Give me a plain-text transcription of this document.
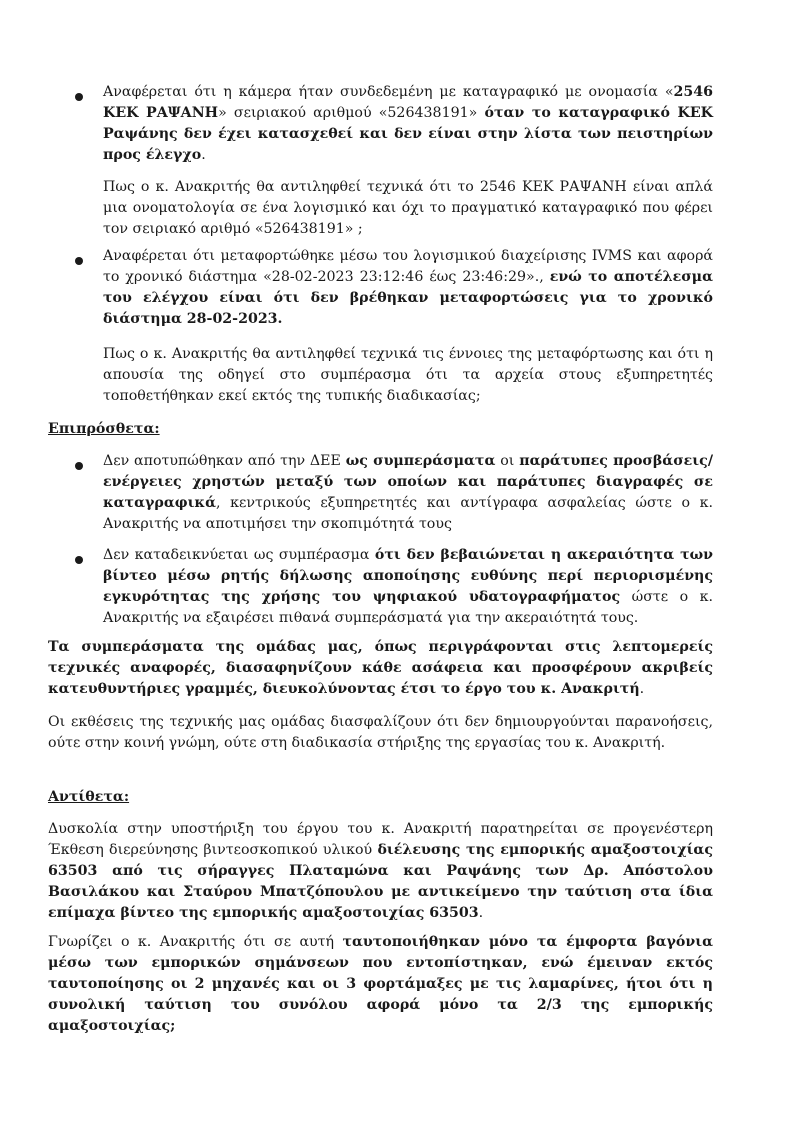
Αναφέρεται ότι η κάμερα ήταν συνδεδεμένη με καταγραφικό με ονομασία «2546 ΚΕΚ ΡΑΨΑΝΗ» σειριακού αριθμού «526438191» όταν το καταγραφικό ΚΕΚ Ραψάνης δεν έχει κατασχεθεί και δεν είναι στην λίστα των πειστηρίων προς έλεγχο.

Πως ο κ. Ανακριτής θα αντιληφθεί τεχνικά ότι το 2546 ΚΕΚ ΡΑΨΑΝΗ είναι απλά μια ονοματολογία σε ένα λογισμικό και όχι το πραγματικό καταγραφικό που φέρει τον σειριακό αριθμό «526438191» ;

Αναφέρεται ότι μεταφορτώθηκε μέσω του λογισμικού διαχείρισης IVMS και αφορά το χρονικό διάστημα «28-02-2023 23:12:46 έως 23:46:29»., ενώ το αποτέλεσμα του ελέγχου είναι ότι δεν βρέθηκαν μεταφορτώσεις για το χρονικό διάστημα 28-02-2023.

Πως ο κ. Ανακριτής θα αντιληφθεί τεχνικά τις έννοιες της μεταφόρτωσης και ότι η απουσία της οδηγεί στο συμπέρασμα ότι τα αρχεία στους εξυπηρετητές τοποθετήθηκαν εκεί εκτός της τυπικής διαδικασίας;

Επιπρόσθετα:

Δεν αποτυπώθηκαν από την ΔΕΕ ως συμπεράσματα οι παράτυπες προσβάσεις/ενέργειες χρηστών μεταξύ των οποίων και παράτυπες διαγραφές σε καταγραφικά, κεντρικούς εξυπηρετητές και αντίγραφα ασφαλείας ώστε ο κ. Ανακριτής να αποτιμήσει την σκοπιμότητά τους

Δεν καταδεικνύεται ως συμπέρασμα ότι δεν βεβαιώνεται η ακεραιότητα των βίντεο μέσω ρητής δήλωσης αποποίησης ευθύνης περί περιορισμένης εγκυρότητας της χρήσης του ψηφιακού υδατογραφήματος ώστε ο κ. Ανακριτής να εξαιρέσει πιθανά συμπεράσματά για την ακεραιότητά τους.

Τα συμπεράσματα της ομάδας μας, όπως περιγράφονται στις λεπτομερείς τεχνικές αναφορές, διασαφηνίζουν κάθε ασάφεια και προσφέρουν ακριβείς κατευθυντήριες γραμμές, διευκολύνοντας έτσι το έργο του κ. Ανακριτή.

Οι εκθέσεις της τεχνικής μας ομάδας διασφαλίζουν ότι δεν δημιουργούνται παρανοήσεις, ούτε στην κοινή γνώμη, ούτε στη διαδικασία στήριξης της εργασίας του κ. Ανακριτή.

Αντίθετα:

Δυσκολία στην υποστήριξη του έργου του κ. Ανακριτή παρατηρείται σε προγενέστερη Έκθεση διερεύνησης βιντεοσκοπικού υλικού διέλευσης της εμπορικής αμαξοστοιχίας 63503 από τις σήραγγες Πλαταμώνα και Ραψάνης των Δρ. Απόστολου Βασιλάκου και Σταύρου Μπατζόπουλου με αντικείμενο την ταύτιση στα ίδια επίμαχα βίντεο της εμπορικής αμαξοστοιχίας 63503.

Γνωρίζει ο κ. Ανακριτής ότι σε αυτή ταυτοποιήθηκαν μόνο τα έμφορτα βαγόνια μέσω των εμπορικών σημάνσεων που εντοπίστηκαν, ενώ έμειναν εκτός ταυτοποίησης οι 2 μηχανές και οι 3 φορτάμαξες με τις λαμαρίνες, ήτοι ότι η συνολική ταύτιση του συνόλου αφορά μόνο τα 2/3 της εμπορικής αμαξοστοιχίας;
